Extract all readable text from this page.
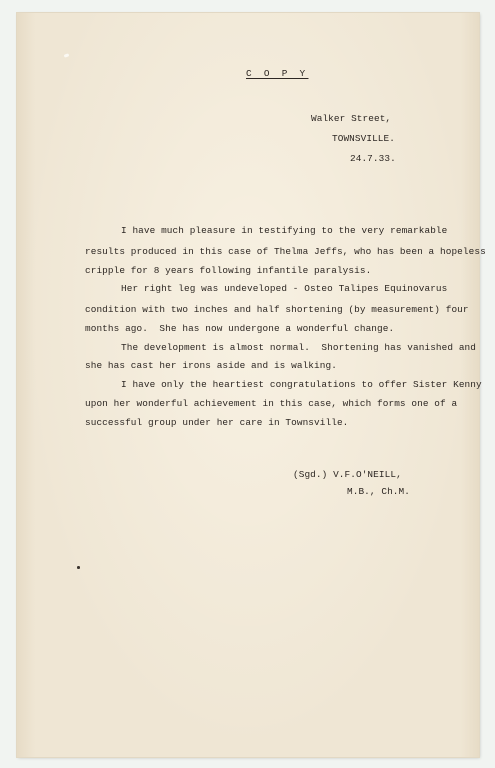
C O P Y
Walker Street,
TOWNSVILLE.
24.7.33.
I have much pleasure in testifying to the very remarkable
results produced in this case of Thelma Jeffs, who has been a hopeless
cripple for 8 years following infantile paralysis.
Her right leg was undeveloped - Osteo Talipes Equinovarus
condition with two inches and half shortening (by measurement) four
months ago.  She has now undergone a wonderful change.
The development is almost normal.  Shortening has vanished and
she has cast her irons aside and is walking.
I have only the heartiest congratulations to offer Sister Kenny
upon her wonderful achievement in this case, which forms one of a
successful group under her care in Townsville.
(Sgd.) V.F.O'NEILL,
M.B., Ch.M.
